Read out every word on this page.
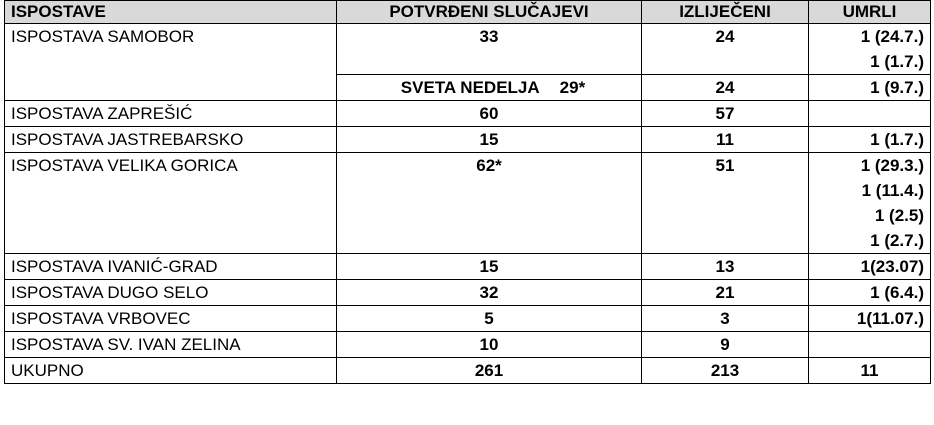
ISPOSTAVE	POTVRĐENI SLUČAJEVI	IZLIJEČENI	UMRLI
ISPOSTAVA SAMOBOR	33	24	1 (24.7.)
1 (1.7.)

	SVETA NEDELJA 29*	24	1 (9.7.)

ISPOSTAVA ZAPREŠIĆ	60	57	
ISPOSTAVA JASTREBARSKO	15	11	1 (1.7.)

ISPOSTAVA VELIKA GORICA	62*	51	1 (29.3.)
1 (11.4.)
1 (2.5)
1 (2.7.)

ISPOSTAVA IVANIĆ-GRAD	15	13	1(23.07)

ISPOSTAVA DUGO SELO	32	21	1 (6.4.)

ISPOSTAVA VRBOVEC	5	3	1(11.07.)

ISPOSTAVA SV. IVAN ZELINA	10	9	
UKUPNO	261	213	11
